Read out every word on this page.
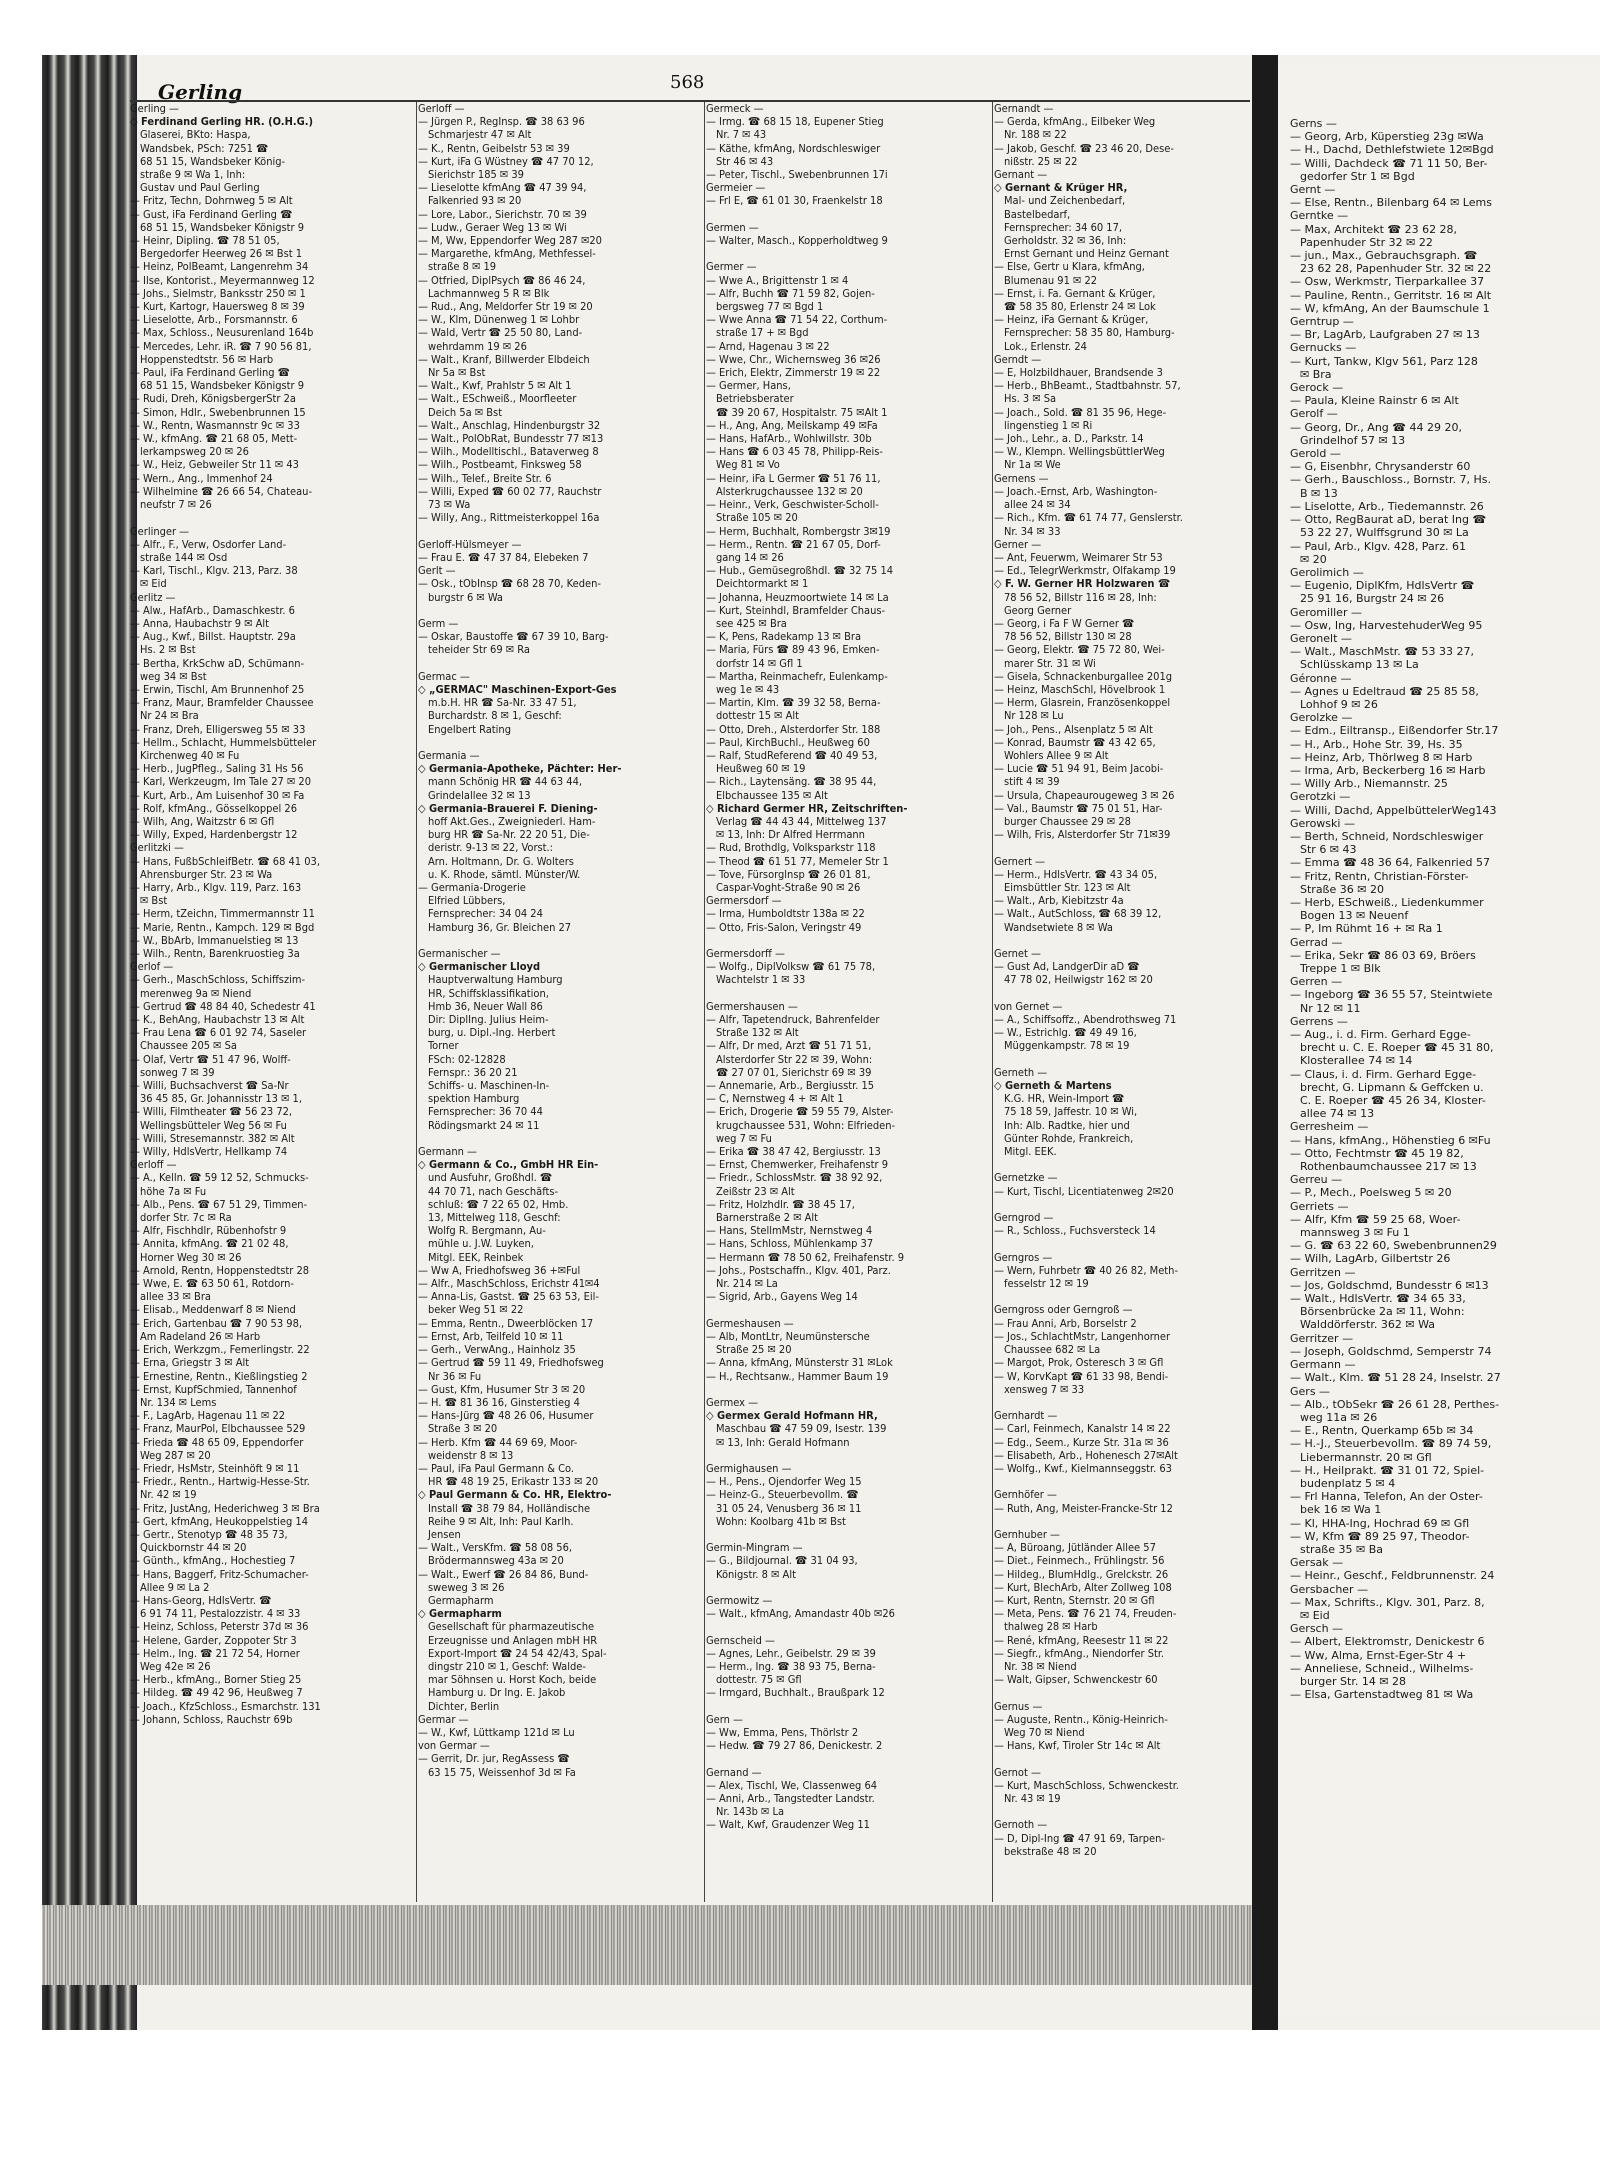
Gerling	568
Gerling —
◇ Ferdinand Gerling HR. (O.H.G.)
Glaserei, BKto: Haspa,
Wandsbek, PSch: 7251 ☎
68 51 15, Wandsbeker König-
straße 9 ✉ Wa 1, Inh:
Gustav und Paul Gerling
— Fritz, Techn, Dohrnweg 5 ✉ Alt
— Gust, iFa Ferdinand Gerling ☎
68 51 15, Wandsbeker Königstr 9
— Heinr, Dipling. ☎ 78 51 05,
Bergedorfer Heerweg 26 ✉ Bst 1
— Heinz, PolBeamt, Langenrehm 34
— Ilse, Kontorist., Meyermannweg 12
— Johs., Sielmstr, Banksstr 250 ✉ 1
— Kurt, Kartogr, Hauersweg 8 ✉ 39
— Lieselotte, Arb., Forsmannstr. 6
— Max, Schloss., Neusurenland 164b
— Mercedes, Lehr. iR. ☎ 7 90 56 81,
Hoppenstedtstr. 56 ✉ Harb
— Paul, iFa Ferdinand Gerling ☎
68 51 15, Wandsbeker Königstr 9
— Rudi, Dreh, KönigsbergerStr 2a
— Simon, Hdlr., Swebenbrunnen 15
— W., Rentn, Wasmannstr 9c ✉ 33
— W., kfmAng. ☎ 21 68 05, Mett-
lerkampsweg 20 ✉ 26
— W., Heiz, Gebweiler Str 11 ✉ 43
— Wern., Ang., Immenhof 24
— Wilhelmine ☎ 26 66 54, Chateau-
neufstr 7 ✉ 26

Gerlinger —
— Alfr., F., Verw, Osdorfer Land-
straße 144 ✉ Osd
— Karl, Tischl., Klgv. 213, Parz. 38
✉ Eid
Gerlitz —
— Alw., HafArb., Damaschkestr. 6
— Anna, Haubachstr 9 ✉ Alt
— Aug., Kwf., Billst. Hauptstr. 29a
Hs. 2 ✉ Bst
— Bertha, KrkSchw aD, Schümann-
weg 34 ✉ Bst
— Erwin, Tischl, Am Brunnenhof 25
— Franz, Maur, Bramfelder Chaussee
Nr 24 ✉ Bra
— Franz, Dreh, Elligersweg 55 ✉ 33
— Hellm., Schlacht, Hummelsbütteler
Kirchenweg 40 ✉ Fu
— Herb., JugPfleg., Saling 31 Hs 56
— Karl, Werkzeugm, Im Tale 27 ✉ 20
— Kurt, Arb., Am Luisenhof 30 ✉ Fa
— Rolf, kfmAng., Gösselkoppel 26
— Wilh, Ang, Waitzstr 6 ✉ Gfl
— Willy, Exped, Hardenbergstr 12
Gerlitzki —
— Hans, FußbSchleifBetr. ☎ 68 41 03,
Ahrensburger Str. 23 ✉ Wa
— Harry, Arb., Klgv. 119, Parz. 163
✉ Bst
— Herm, tZeichn, Timmermannstr 11
— Marie, Rentn., Kampch. 129 ✉ Bgd
— W., BbArb, Immanuelstieg ✉ 13
— Wilh., Rentn, Barenkruostieg 3a
Gerlof —
— Gerh., MaschSchloss, Schiffszim-
merenweg 9a ✉ Niend
— Gertrud ☎ 48 84 40, Schedestr 41
— K., BehAng, Haubachstr 13 ✉ Alt
— Frau Lena ☎ 6 01 92 74, Saseler
Chaussee 205 ✉ Sa
— Olaf, Vertr ☎ 51 47 96, Wolff-
sonweg 7 ✉ 39
— Willi, Buchsachverst ☎ Sa-Nr
36 45 85, Gr. Johannisstr 13 ✉ 1,
— Willi, Filmtheater ☎ 56 23 72,
Wellingsbütteler Weg 56 ✉ Fu
— Willi, Stresemannstr. 382 ✉ Alt
— Willy, HdlsVertr, Hellkamp 74
Gerloff —
— A., Kelln. ☎ 59 12 52, Schmucks-
höhe 7a ✉ Fu
— Alb., Pens. ☎ 67 51 29, Timmen-
dorfer Str. 7c ✉ Ra
— Alfr, Fischhdlr, Rübenhofstr 9
— Annita, kfmAng. ☎ 21 02 48,
Horner Weg 30 ✉ 26
— Arnold, Rentn, Hoppenstedtstr 28
— Wwe, E. ☎ 63 50 61, Rotdorn-
allee 33 ✉ Bra
— Elisab., Meddenwarf 8 ✉ Niend
— Erich, Gartenbau ☎ 7 90 53 98,
Am Radeland 26 ✉ Harb
— Erich, Werkzgm., Femerlingstr. 22
— Erna, Griegstr 3 ✉ Alt
— Ernestine, Rentn., Kießlingstieg 2
— Ernst, KupfSchmied, Tannenhof
Nr. 134 ✉ Lems
— F., LagArb, Hagenau 11 ✉ 22
— Franz, MaurPol, Elbchaussee 529
— Frieda ☎ 48 65 09, Eppendorfer
Weg 287 ✉ 20
— Friedr, HsMstr, Steinhöft 9 ✉ 11
— Friedr., Rentn., Hartwig-Hesse-Str.
Nr. 42 ✉ 19
— Fritz, JustAng, Hederichweg 3 ✉ Bra
— Gert, kfmAng, Heukoppelstieg 14
— Gertr., Stenotyp ☎ 48 35 73,
Quickbornstr 44 ✉ 20
— Günth., kfmAng., Hochestieg 7
— Hans, Baggerf, Fritz-Schumacher-
Allee 9 ✉ La 2
— Hans-Georg, HdlsVertr. ☎
6 91 74 11, Pestalozzistr. 4 ✉ 33
— Heinz, Schloss, Peterstr 37d ✉ 36
— Helene, Garder, Zoppoter Str 3
— Helm., Ing. ☎ 21 72 54, Horner
Weg 42e ✉ 26
— Herb., kfmAng., Borner Stieg 25
— Hildeg. ☎ 49 42 96, Heußweg 7
— Joach., KfzSchloss., Esmarchstr. 131
— Johann, Schloss, Rauchstr 69b
Gerloff —
— Jürgen P., RegInsp. ☎ 38 63 96
Schmarjestr 47 ✉ Alt
— K., Rentn, Geibelstr 53 ✉ 39
— Kurt, iFa G Wüstney ☎ 47 70 12,
Sierichstr 185 ✉ 39
— Lieselotte kfmAng ☎ 47 39 94,
Falkenried 93 ✉ 20
— Lore, Labor., Sierichstr. 70 ✉ 39
— Ludw., Geraer Weg 13 ✉ Wi
— M, Ww, Eppendorfer Weg 287 ✉20
— Margarethe, kfmAng, Methfessel-
straße 8 ✉ 19
— Otfried, DiplPsych ☎ 86 46 24,
Lachmannweg 5 R ✉ Blk
— Rud., Ang, Meldorfer Str 19 ✉ 20
— W., Klm, Dünenweg 1 ✉ Lohbr
— Wald, Vertr ☎ 25 50 80, Land-
wehrdamm 19 ✉ 26
— Walt., Kranf, Billwerder Elbdeich
Nr 5a ✉ Bst
— Walt., Kwf, Prahlstr 5 ✉ Alt 1
— Walt., ESchweiß., Moorfleeter
Deich 5a ✉ Bst
— Walt., Anschlag, Hindenburgstr 32
— Walt., PolObRat, Bundesstr 77 ✉13
— Wilh., Modelltischl., Bataverweg 8
— Wilh., Postbeamt, Finksweg 58
— Wilh., Telef., Breite Str. 6
— Willi, Exped ☎ 60 02 77, Rauchstr
73 ✉ Wa
— Willy, Ang., Rittmeisterkoppel 16a

Gerloff-Hülsmeyer —
— Frau E. ☎ 47 37 84, Elebeken 7
Gerlt —
— Osk., tObInsp ☎ 68 28 70, Keden-
burgstr 6 ✉ Wa

Germ —
— Oskar, Baustoffe ☎ 67 39 10, Barg-
teheider Str 69 ✉ Ra

Germac —
◇ „GERMAC" Maschinen-Export-Ges
m.b.H. HR ☎ Sa-Nr. 33 47 51,
Burchardstr. 8 ✉ 1, Geschf:
Engelbert Rating

Germania —
◇ Germania-Apotheke, Pächter: Her-
mann Schönig HR ☎ 44 63 44,
Grindelallee 32 ✉ 13
◇ Germania-Brauerei F. Diening-
hoff Akt.Ges., Zweigniederl. Ham-
burg HR ☎ Sa-Nr. 22 20 51, Die-
deristr. 9-13 ✉ 22, Vorst.:
Arn. Holtmann, Dr. G. Wolters
u. K. Rhode, sämtl. Münster/W.
— Germania-Drogerie
Elfried Lübbers,
Fernsprecher: 34 04 24
Hamburg 36, Gr. Bleichen 27

Germanischer —
◇ Germanischer Lloyd
Hauptverwaltung Hamburg
HR, Schiffsklassifikation,
Hmb 36, Neuer Wall 86
Dir: DiplIng. Julius Heim-
burg, u. Dipl.-Ing. Herbert
Torner
FSch: 02-12828
Fernspr.: 36 20 21
Schiffs- u. Maschinen-In-
spektion Hamburg
Fernsprecher: 36 70 44
Rödingsmarkt 24 ✉ 11

Germann —
◇ Germann & Co., GmbH HR Ein-
und Ausfuhr, Großhdl. ☎
44 70 71, nach Geschäfts-
schluß: ☎ 7 22 65 02, Hmb.
13, Mittelweg 118, Geschf:
Wolfg R. Bergmann, Au-
mühle u. J.W. Luyken,
Mitgl. EEK, Reinbek
— Ww A, Friedhofsweg 36 +✉Ful
— Alfr., MaschSchloss, Erichstr 41✉4
— Anna-Lis, Gastst. ☎ 25 63 53, Eil-
beker Weg 51 ✉ 22
— Emma, Rentn., Dweerblöcken 17
— Ernst, Arb, Teilfeld 10 ✉ 11
— Gerh., VerwAng., Hainholz 35
— Gertrud ☎ 59 11 49, Friedhofsweg
Nr 36 ✉ Fu
— Gust, Kfm, Husumer Str 3 ✉ 20
— H. ☎ 81 36 16, Ginsterstieg 4
— Hans-Jürg ☎ 48 26 06, Husumer
Straße 3 ✉ 20
— Herb. Kfm ☎ 44 69 69, Moor-
weidenstr 8 ✉ 13
— Paul, iFa Paul Germann & Co.
HR ☎ 48 19 25, Erikastr 133 ✉ 20
◇ Paul Germann & Co. HR, Elektro-
Install ☎ 38 79 84, Holländische
Reihe 9 ✉ Alt, Inh: Paul Karlh.
Jensen
— Walt., VersKfm. ☎ 58 08 56,
Brödermannsweg 43a ✉ 20
— Walt., Ewerf ☎ 26 84 86, Bund-
sweweg 3 ✉ 26
Germapharm
◇ Germapharm
Gesellschaft für pharmazeutische
Erzeugnisse und Anlagen mbH HR
Export-Import ☎ 24 54 42/43, Spal-
dingstr 210 ✉ 1, Geschf: Walde-
mar Söhnsen u. Horst Koch, beide
Hamburg u. Dr Ing. E. Jakob
Dichter, Berlin
Germar —
— W., Kwf, Lüttkamp 121d ✉ Lu
von Germar —
— Gerrit, Dr. jur, RegAssess ☎
63 15 75, Weissenhof 3d ✉ Fa
Germeck —
— Irmg. ☎ 68 15 18, Eupener Stieg
Nr. 7 ✉ 43
— Käthe, kfmAng, Nordschleswiger
Str 46 ✉ 43
— Peter, Tischl., Swebenbrunnen 17i
Germeier —
— Frl E, ☎ 61 01 30, Fraenkelstr 18

Germen —
— Walter, Masch., Kopperholdtweg 9

Germer —
— Wwe A., Brigittenstr 1 ✉ 4
— Alfr, Buchh ☎ 71 59 82, Gojen-
bergsweg 77 ✉ Bgd 1
— Wwe Anna ☎ 71 54 22, Corthum-
straße 17 + ✉ Bgd
— Arnd, Hagenau 3 ✉ 22
— Wwe, Chr., Wichernsweg 36 ✉26
— Erich, Elektr, Zimmerstr 19 ✉ 22
— Germer, Hans,
Betriebsberater
☎ 39 20 67, Hospitalstr. 75 ✉Alt 1
— H., Ang, Ang, Meilskamp 49 ✉Fa
— Hans, HafArb., Wohlwillstr. 30b
— Hans ☎ 6 03 45 78, Philipp-Reis-
Weg 81 ✉ Vo
— Heinr, iFa L Germer ☎ 51 76 11,
Alsterkrugchaussee 132 ✉ 20
— Heinr., Verk, Geschwister-Scholl-
Straße 105 ✉ 20
— Herm, Buchhalt, Rombergstr 3✉19
— Herm., Rentn. ☎ 21 67 05, Dorf-
gang 14 ✉ 26
— Hub., GemüsegroßhdI. ☎ 32 75 14
Deichtormarkt ✉ 1
— Johanna, Heuzmoortwiete 14 ✉ La
— Kurt, Steinhdl, Bramfelder Chaus-
see 425 ✉ Bra
— K, Pens, Radekamp 13 ✉ Bra
— Maria, Fürs ☎ 89 43 96, Emken-
dorfstr 14 ✉ Gfl 1
— Martha, Reinmachefr, Eulenkamp-
weg 1e ✉ 43
— Martin, Klm. ☎ 39 32 58, Berna-
dottestr 15 ✉ Alt
— Otto, Dreh., Alsterdorfer Str. 188
— Paul, KirchBuchl., Heußweg 60
— Ralf, StudReferend ☎ 40 49 53,
Heußweg 60 ✉ 19
— Rich., Laytensäng. ☎ 38 95 44,
Elbchaussee 135 ✉ Alt
◇ Richard Germer HR, Zeitschriften-
Verlag ☎ 44 43 44, Mittelweg 137
✉ 13, Inh: Dr Alfred Herrmann
— Rud, Brothdlg, Volksparkstr 118
— Theod ☎ 61 51 77, Memeler Str 1
— Tove, Fürsorglnsp ☎ 26 01 81,
Caspar-Voght-Straße 90 ✉ 26
Germersdorf —
— Irma, Humboldtstr 138a ✉ 22
— Otto, Fris-Salon, Veringstr 49

Germersdorff —
— Wolfg., DiplVolksw ☎ 61 75 78,
Wachtelstr 1 ✉ 33

Germershausen —
— Alfr, Tapetendruck, Bahrenfelder
Straße 132 ✉ Alt
— Alfr, Dr med, Arzt ☎ 51 71 51,
Alsterdorfer Str 22 ✉ 39, Wohn:
☎ 27 07 01, Sierichstr 69 ✉ 39
— Annemarie, Arb., Bergiusstr. 15
— C, Nernstweg 4 + ✉ Alt 1
— Erich, Drogerie ☎ 59 55 79, Alster-
krugchaussee 531, Wohn: Elfrieden-
weg 7 ✉ Fu
— Erika ☎ 38 47 42, Bergiusstr. 13
— Ernst, Chemwerker, Freihafenstr 9
— Friedr., SchlossMstr. ☎ 38 92 92,
Zeißstr 23 ✉ Alt
— Fritz, Holzhdlr. ☎ 38 45 17,
Barnerstraße 2 ✉ Alt
— Hans, StellmMstr, Nernstweg 4
— Hans, Schloss, Mühlenkamp 37
— Hermann ☎ 78 50 62, Freihafenstr. 9
— Johs., Postschaffn., Klgv. 401, Parz.
Nr. 214 ✉ La
— Sigrid, Arb., Gayens Weg 14

Germeshausen —
— Alb, MontLtr, Neumünstersche
Straße 25 ✉ 20
— Anna, kfmAng, Münsterstr 31 ✉Lok
— H., Rechtsanw., Hammer Baum 19

Germex —
◇ Germex Gerald Hofmann HR,
Maschbau ☎ 47 59 09, Isestr. 139
✉ 13, Inh: Gerald Hofmann

Germighausen —
— H., Pens., Ojendorfer Weg 15
— Heinz-G., Steuerbevollm. ☎
31 05 24, Venusberg 36 ✉ 11
Wohn: Koolbarg 41b ✉ Bst

Germin-Mingram —
— G., Bildjournal. ☎ 31 04 93,
Königstr. 8 ✉ Alt

Germowitz —
— Walt., kfmAng, Amandastr 40b ✉26

Gernscheid —
— Agnes, Lehr., Geibelstr. 29 ✉ 39
— Herm., Ing. ☎ 38 93 75, Berna-
dottestr. 75 ✉ Gfl
— Irmgard, Buchhalt., Braußpark 12

Gern —
— Ww, Emma, Pens, Thörlstr 2
— Hedw. ☎ 79 27 86, Denickestr. 2

Gernand —
— Alex, Tischl, We, Classenweg 64
— Anni, Arb., Tangstedter Landstr.
Nr. 143b ✉ La
— Walt, Kwf, Graudenzer Weg 11
Gernandt —
— Gerda, kfmAng., Eilbeker Weg
Nr. 188 ✉ 22
— Jakob, Geschf. ☎ 23 46 20, Dese-
nißstr. 25 ✉ 22
Gernant —
◇ Gernant & Krüger HR,
Mal- und Zeichenbedarf,
Bastelbedarf,
Fernsprecher: 34 60 17,
Gerholdstr. 32 ✉ 36, Inh:
Ernst Gernant und Heinz Gernant
— Else, Gertr u Klara, kfmAng,
Blumenau 91 ✉ 22
— Ernst, i. Fa. Gernant & Krüger,
☎ 58 35 80, Erlenstr 24 ✉ Lok
— Heinz, iFa Gernant & Krüger,
Fernsprecher: 58 35 80, Hamburg-
Lok., Erlenstr. 24
Gerndt —
— E, Holzbildhauer, Brandsende 3
— Herb., BhBeamt., Stadtbahnstr. 57,
Hs. 3 ✉ Sa
— Joach., Sold. ☎ 81 35 96, Hege-
lingenstieg 1 ✉ Ri
— Joh., Lehr., a. D., Parkstr. 14
— W., Klempn. WellingsbüttlerWeg
Nr 1a ✉ We
Gernens —
— Joach.-Ernst, Arb, Washington-
allee 24 ✉ 34
— Rich., Kfm. ☎ 61 74 77, Genslerstr.
Nr. 34 ✉ 33
Gerner —
— Ant, Feuerwm, Weimarer Str 53
— Ed., TelegrWerkmstr, Olfakamp 19
◇ F. W. Gerner HR Holzwaren ☎
78 56 52, Billstr 116 ✉ 28, Inh:
Georg Gerner
— Georg, i Fa F W Gerner ☎
78 56 52, Billstr 130 ✉ 28
— Georg, Elektr. ☎ 75 72 80, Wei-
marer Str. 31 ✉ Wi
— Gisela, Schnackenburgallee 201g
— Heinz, MaschSchl, Hövelbrook 1
— Herm, Glasrein, Französenkoppel
Nr 128 ✉ Lu
— Joh., Pens., Alsenplatz 5 ✉ Alt
— Konrad, Baumstr ☎ 43 42 65,
Wohlers Allee 9 ✉ Alt
— Lucie ☎ 51 94 91, Beim Jacobi-
stift 4 ✉ 39
— Ursula, Chapeaurougeweg 3 ✉ 26
— Val., Baumstr ☎ 75 01 51, Har-
burger Chaussee 29 ✉ 28
— Wilh, Fris, Alsterdorfer Str 71✉39

Gernert —
— Herm., HdlsVertr. ☎ 43 34 05,
Eimsbüttler Str. 123 ✉ Alt
— Walt., Arb, Kiebitzstr 4a
— Walt., AutSchloss, ☎ 68 39 12,
Wandsetwiete 8 ✉ Wa

Gernet —
— Gust Ad, LandgerDir aD ☎
47 78 02, Heilwigstr 162 ✉ 20

von Gernet —
— A., Schiffsoffz., Abendrothsweg 71
— W., Estrichlg. ☎ 49 49 16,
Müggenkampstr. 78 ✉ 19

Gerneth —
◇ Gerneth & Martens
K.G. HR, Wein-Import ☎
75 18 59, Jaffestr. 10 ✉ Wi,
Inh: Alb. Radtke, hier und
Günter Rohde, Frankreich,
Mitgl. EEK.

Gernetzke —
— Kurt, Tischl, Licentiatenweg 2✉20

Gerngrod —
— R., Schloss., Fuchsversteck 14

Gerngros —
— Wern, Fuhrbetr ☎ 40 26 82, Meth-
fesselstr 12 ✉ 19

Gerngross oder Gerngroß —
— Frau Anni, Arb, Borselstr 2
— Jos., SchlachtMstr, Langenhorner
Chaussee 682 ✉ La
— Margot, Prok, Osteresch 3 ✉ Gfl
— W, KorvKapt ☎ 61 33 98, Bendi-
xensweg 7 ✉ 33

Gernhardt —
— Carl, Feinmech, Kanalstr 14 ✉ 22
— Edg., Seem., Kurze Str. 31a ✉ 36
— Elisabeth, Arb., Hohenesch 27✉Alt
— Wolfg., Kwf., Kielmannseggstr. 63

Gernhöfer —
— Ruth, Ang, Meister-Francke-Str 12

Gernhuber —
— A, Büroang, Jütländer Allee 57
— Diet., Feinmech., Frühlingstr. 56
— Hildeg., BlumHdlg., Grelckstr. 26
— Kurt, BlechArb, Alter Zollweg 108
— Kurt, Rentn, Sternstr. 20 ✉ Gfl
— Meta, Pens. ☎ 76 21 74, Freuden-
thalweg 28 ✉ Harb
— René, kfmAng, Reesestr 11 ✉ 22
— Siegfr., kfmAng., Niendorfer Str.
Nr. 38 ✉ Niend
— Walt, Gipser, Schwenckestr 60

Gernus —
— Auguste, Rentn., König-Heinrich-
Weg 70 ✉ Niend
— Hans, Kwf, Tiroler Str 14c ✉ Alt

Gernot —
— Kurt, MaschSchloss, Schwenckestr.
Nr. 43 ✉ 19

Gernoth —
— D, Dipl-Ing ☎ 47 91 69, Tarpen-
bekstraße 48 ✉ 20
Gerns —
— Georg, Arb, Küperstieg 23g ✉Wa
— H., Dachd, Dethlefstwiete 12✉Bgd
— Willi, Dachdeck ☎ 71 11 50, Ber-
gedorfer Str 1 ✉ Bgd
Gernt —
— Else, Rentn., Bilenbarg 64 ✉ Lems
Gerntke —
— Max, Architekt ☎ 23 62 28,
Papenhuder Str 32 ✉ 22
— jun., Max., Gebrauchsgraph. ☎
23 62 28, Papenhuder Str. 32 ✉ 22
— Osw, Werkmstr, Tierparkallee 37
— Pauline, Rentn., Gerritstr. 16 ✉ Alt
— W, kfmAng, An der Baumschule 1
Gerntrup —
— Br, LagArb, Laufgraben 27 ✉ 13
Gernucks —
— Kurt, Tankw, Klgv 561, Parz 128
✉ Bra
Gerock —
— Paula, Kleine Rainstr 6 ✉ Alt
Gerolf —
— Georg, Dr., Ang ☎ 44 29 20,
Grindelhof 57 ✉ 13
Gerold —
— G, Eisenbhr, Chrysanderstr 60
— Gerh., Bauschloss., Bornstr. 7, Hs.
B ✉ 13
— Liselotte, Arb., Tiedemannstr. 26
— Otto, RegBaurat aD, berat Ing ☎
53 22 27, Wulffsgrund 30 ✉ La
— Paul, Arb., Klgv. 428, Parz. 61
✉ 20
Gerolimich —
— Eugenio, DiplKfm, HdlsVertr ☎
25 91 16, Burgstr 24 ✉ 26
Geromiller —
— Osw, Ing, HarvestehuderWeg 95
Geronelt —
— Walt., MaschMstr. ☎ 53 33 27,
Schlüsskamp 13 ✉ La
Géronne —
— Agnes u Edeltraud ☎ 25 85 58,
Lohhof 9 ✉ 26
Gerolzke —
— Edm., Eiltransp., Eißendorfer Str.17
— H., Arb., Hohe Str. 39, Hs. 35
— Heinz, Arb, Thörlweg 8 ✉ Harb
— Irma, Arb, Beckerberg 16 ✉ Harb
— Willy Arb., Niemannstr. 25
Gerotzki —
— Willi, Dachd, AppelbüttelerWeg143
Gerowski —
— Berth, Schneid, Nordschleswiger
Str 6 ✉ 43
— Emma ☎ 48 36 64, Falkenried 57
— Fritz, Rentn, Christian-Förster-
Straße 36 ✉ 20
— Herb, ESchweiß., Liedenkummer
Bogen 13 ✉ Neuenf
— P, Im Rühmt 16 + ✉ Ra 1
Gerrad —
— Erika, Sekr ☎ 86 03 69, Bröers
Treppe 1 ✉ Blk
Gerren —
— Ingeborg ☎ 36 55 57, Steintwiete
Nr 12 ✉ 11
Gerrens —
— Aug., i. d. Firm. Gerhard Egge-
brecht u. C. E. Roeper ☎ 45 31 80,
Klosterallee 74 ✉ 14
— Claus, i. d. Firm. Gerhard Egge-
brecht, G. Lipmann & Geffcken u.
C. E. Roeper ☎ 45 26 34, Kloster-
allee 74 ✉ 13
Gerresheim —
— Hans, kfmAng., Höhenstieg 6 ✉Fu
— Otto, Fechtmstr ☎ 45 19 82,
Rothenbaumchaussee 217 ✉ 13
Gerreu —
— P., Mech., Poelsweg 5 ✉ 20
Gerriets —
— Alfr, Kfm ☎ 59 25 68, Woer-
mannsweg 3 ✉ Fu 1
— G. ☎ 63 22 60, Swebenbrunnen29
— Wilh, LagArb, Gilbertstr 26
Gerritzen —
— Jos, Goldschmd, Bundesstr 6 ✉13
— Walt., HdlsVertr. ☎ 34 65 33,
Börsenbrücke 2a ✉ 11, Wohn:
Walddörferstr. 362 ✉ Wa
Gerritzer —
— Joseph, Goldschmd, Semperstr 74
Germann —
— Walt., Klm. ☎ 51 28 24, Inselstr. 27
Gers —
— Alb., tObSekr ☎ 26 61 28, Perthes-
weg 11a ✉ 26
— E., Rentn, Querkamp 65b ✉ 34
— H.-J., Steuerbevollm. ☎ 89 74 59,
Liebermannstr. 20 ✉ Gfl
— H., Heilprakt. ☎ 31 01 72, Spiel-
budenplatz 5 ✉ 4
— Frl Hanna, Telefon, An der Oster-
bek 16 ✉ Wa 1
— Kl, HHA-Ing, Hochrad 69 ✉ Gfl
— W, Kfm ☎ 89 25 97, Theodor-
straße 35 ✉ Ba
Gersak —
— Heinr., Geschf., Feldbrunnenstr. 24
Gersbacher —
— Max, Schrifts., Klgv. 301, Parz. 8,
✉ Eid
Gersch —
— Albert, Elektromstr, Denickestr 6
— Ww, Alma, Ernst-Eger-Str 4 +
— Anneliese, Schneid., Wilhelms-
burger Str. 14 ✉ 28
— Elsa, Gartenstadtweg 81 ✉ Wa
